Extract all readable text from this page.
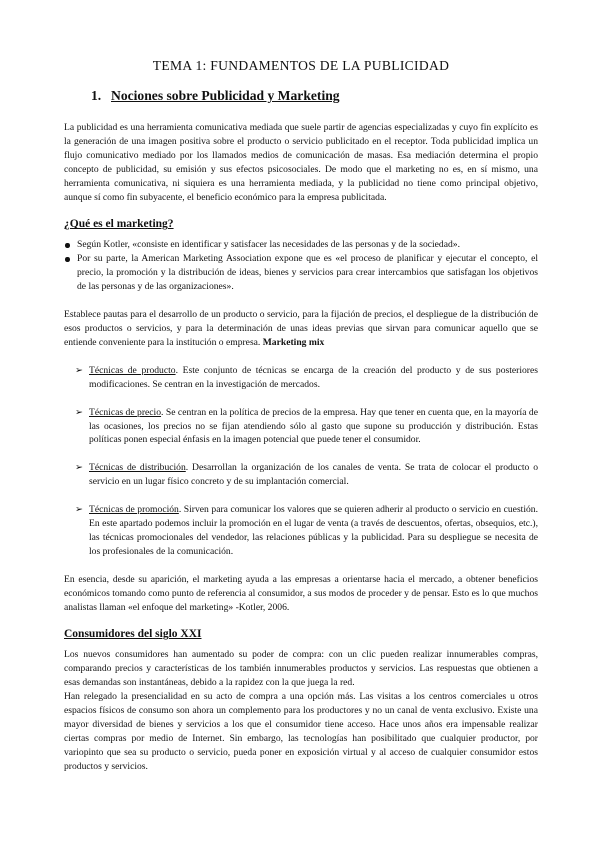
TEMA 1: FUNDAMENTOS DE LA PUBLICIDAD
1. Nociones sobre Publicidad y Marketing

La publicidad es una herramienta comunicativa mediada que suele partir de agencias especializadas y cuyo fin explícito es la generación de una imagen positiva sobre el producto o servicio publicitado en el receptor. Toda publicidad implica un flujo comunicativo mediado por los llamados medios de comunicación de masas. Esa mediación determina el propio concepto de publicidad, su emisión y sus efectos psicosociales. De modo que el marketing no es, en sí mismo, una herramienta comunicativa, ni siquiera es una herramienta mediada, y la publicidad no tiene como principal objetivo, aunque sí como fin subyacente, el beneficio económico para la empresa publicitada.

¿Qué es el marketing?
Según Kotler, «consiste en identificar y satisfacer las necesidades de las personas y de la sociedad».
Por su parte, la American Marketing Association expone que es «el proceso de planificar y ejecutar el concepto, el precio, la promoción y la distribución de ideas, bienes y servicios para crear intercambios que satisfagan los objetivos de las personas y de las organizaciones».

Establece pautas para el desarrollo de un producto o servicio, para la fijación de precios, el despliegue de la distribución de esos productos o servicios, y para la determinación de unas ideas previas que sirvan para comunicar aquello que se entiende conveniente para la institución o empresa. Marketing mix

➢ Técnicas de producto. Este conjunto de técnicas se encarga de la creación del producto y de sus posteriores modificaciones. Se centran en la investigación de mercados.
➢ Técnicas de precio. Se centran en la política de precios de la empresa. Hay que tener en cuenta que, en la mayoría de las ocasiones, los precios no se fijan atendiendo sólo al gasto que supone su producción y distribución. Estas políticas ponen especial énfasis en la imagen potencial que puede tener el consumidor.
➢ Técnicas de distribución. Desarrollan la organización de los canales de venta. Se trata de colocar el producto o servicio en un lugar físico concreto y de su implantación comercial.
➢ Técnicas de promoción. Sirven para comunicar los valores que se quieren adherir al producto o servicio en cuestión. En este apartado podemos incluir la promoción en el lugar de venta (a través de descuentos, ofertas, obsequios, etc.), las técnicas promocionales del vendedor, las relaciones públicas y la publicidad. Para su despliegue se necesita de los profesionales de la comunicación.

En esencia, desde su aparición, el marketing ayuda a las empresas a orientarse hacia el mercado, a obtener beneficios económicos tomando como punto de referencia al consumidor, a sus modos de proceder y de pensar. Esto es lo que muchos analistas llaman «el enfoque del marketing» -Kotler, 2006.

Consumidores del siglo XXI

Los nuevos consumidores han aumentado su poder de compra: con un clic pueden realizar innumerables compras, comparando precios y características de los también innumerables productos y servicios. Las respuestas que obtienen a esas demandas son instantáneas, debido a la rapidez con la que juega la red.

Han relegado la presencialidad en su acto de compra a una opción más. Las visitas a los centros comerciales u otros espacios físicos de consumo son ahora un complemento para los productores y no un canal de venta exclusivo. Existe una mayor diversidad de bienes y servicios a los que el consumidor tiene acceso. Hace unos años era impensable realizar ciertas compras por medio de Internet. Sin embargo, las tecnologías han posibilitado que cualquier productor, por variopinto que sea su producto o servicio, pueda poner en exposición virtual y al acceso de cualquier consumidor estos productos y servicios.
